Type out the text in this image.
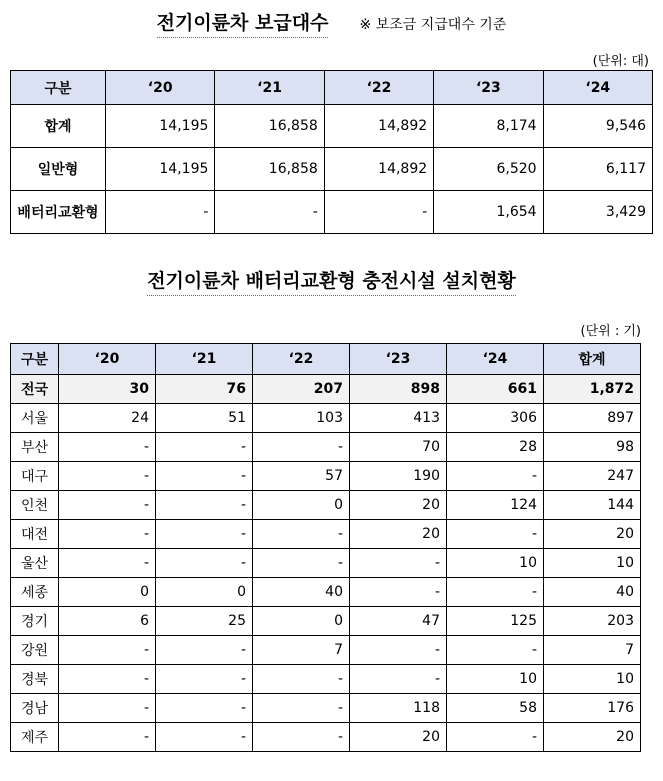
전기이륜차 보급대수 ※ 보조금 지급대수 기준
(단위: 대)
구분	‘20	‘21	‘22	‘23	‘24
합계	14,195	16,858	14,892	8,174	9,546
일반형	14,195	16,858	14,892	6,520	6,117
배터리교환형	-	-	-	1,654	3,429
전기이륜차 배터리교환형 충전시설 설치현황
(단위 : 기)
구분	‘20	‘21	‘22	‘23	‘24	합계
전국	30	76	207	898	661	1,872
서울	24	51	103	413	306	897
부산	-	-	-	70	28	98
대구	-	-	57	190	-	247
인천	-	-	0	20	124	144
대전	-	-	-	20	-	20
울산	-	-	-	-	10	10
세종	0	0	40	-	-	40
경기	6	25	0	47	125	203
강원	-	-	7	-	-	7
경북	-	-	-	-	10	10
경남	-	-	-	118	58	176
제주	-	-	-	20	-	20
